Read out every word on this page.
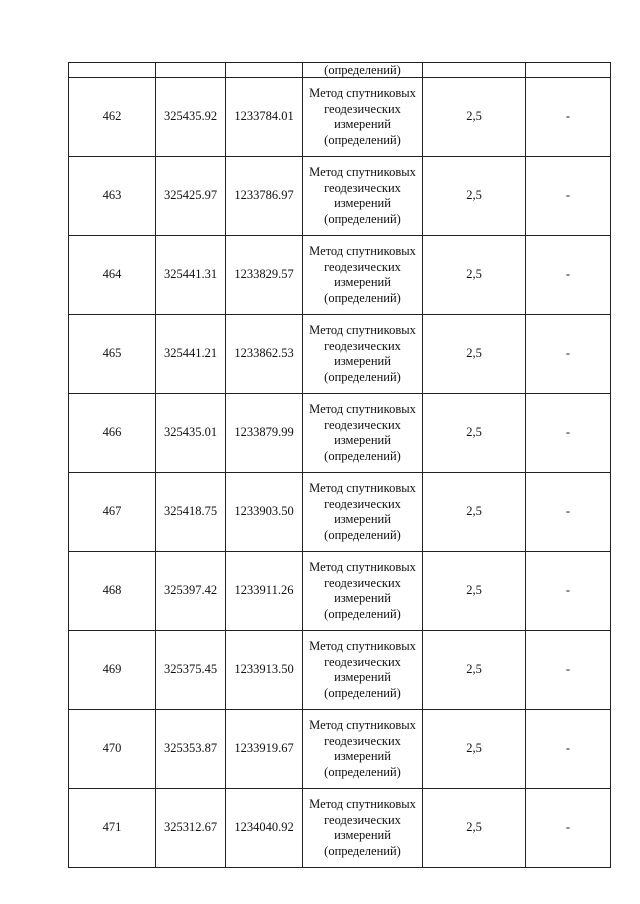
			(определений)		
462	325435.92	1233784.01	Метод спутниковых геодезических измерений (определений)	2,5	-
463	325425.97	1233786.97	Метод спутниковых геодезических измерений (определений)	2,5	-
464	325441.31	1233829.57	Метод спутниковых геодезических измерений (определений)	2,5	-
465	325441.21	1233862.53	Метод спутниковых геодезических измерений (определений)	2,5	-
466	325435.01	1233879.99	Метод спутниковых геодезических измерений (определений)	2,5	-
467	325418.75	1233903.50	Метод спутниковых геодезических измерений (определений)	2,5	-
468	325397.42	1233911.26	Метод спутниковых геодезических измерений (определений)	2,5	-
469	325375.45	1233913.50	Метод спутниковых геодезических измерений (определений)	2,5	-
470	325353.87	1233919.67	Метод спутниковых геодезических измерений (определений)	2,5	-
471	325312.67	1234040.92	Метод спутниковых геодезических измерений (определений)	2,5	-
